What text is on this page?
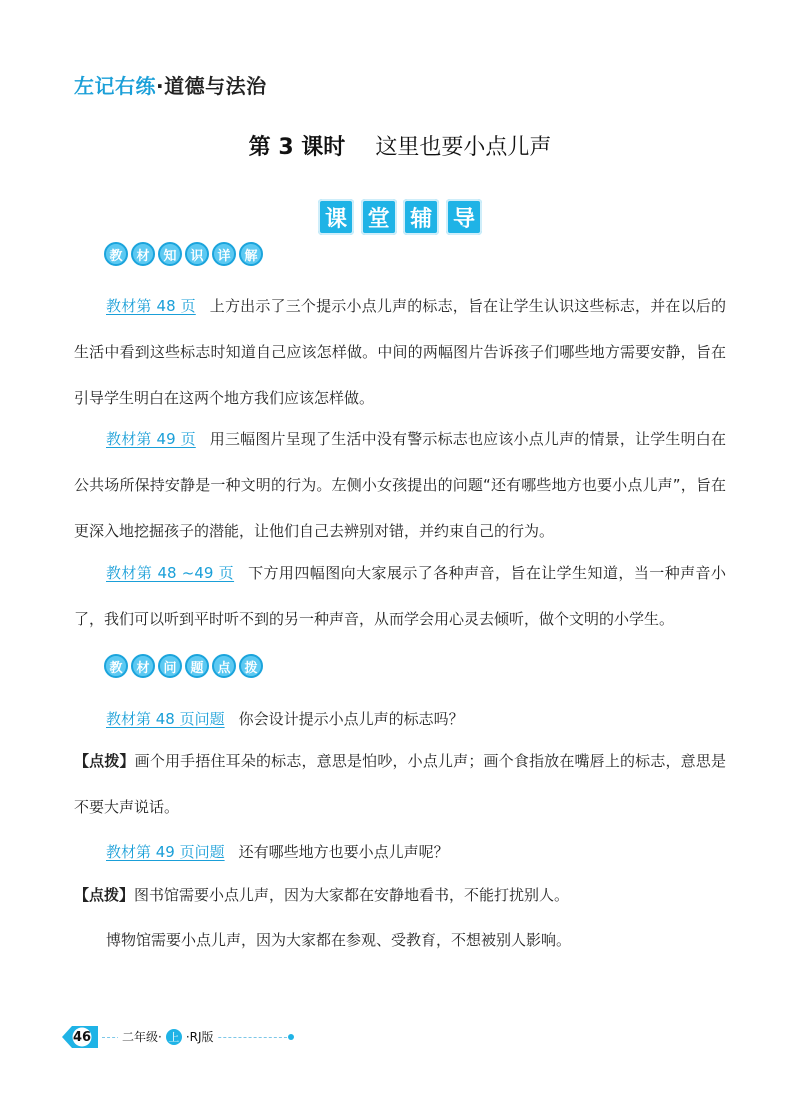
左记右练·道德与法治
第 3 课时 这里也要小点儿声
课 堂 辅 导
教	材	知	识	详	解
教材第 48 页 上方出示了三个提示小点儿声的标志，旨在让学生认识这些标志，并在以后的生活中看到这些标志时知道自己应该怎样做。中间的两幅图片告诉孩子们哪些地方需要安静，旨在引导学生明白在这两个地方我们应该怎样做。
教材第 49 页 用三幅图片呈现了生活中没有警示标志也应该小点儿声的情景，让学生明白在公共场所保持安静是一种文明的行为。左侧小女孩提出的问题“还有哪些地方也要小点儿声”，旨在更深入地挖掘孩子的潜能，让他们自己去辨别对错，并约束自己的行为。
教材第 48 ~49 页 下方用四幅图向大家展示了各种声音，旨在让学生知道，当一种声音小了，我们可以听到平时听不到的另一种声音，从而学会用心灵去倾听，做个文明的小学生。
教	材	问	题	点	拨
教材第 48 页问题 你会设计提示小点儿声的标志吗？
【点拨】画个用手捂住耳朵的标志，意思是怕吵，小点儿声；画个食指放在嘴唇上的标志，意思是不要大声说话。
教材第 49 页问题 还有哪些地方也要小点儿声呢？
【点拨】图书馆需要小点儿声，因为大家都在安静地看书，不能打扰别人。
博物馆需要小点儿声，因为大家都在参观、受教育，不想被别人影响。
46	二年级 · 上 · RJ版
